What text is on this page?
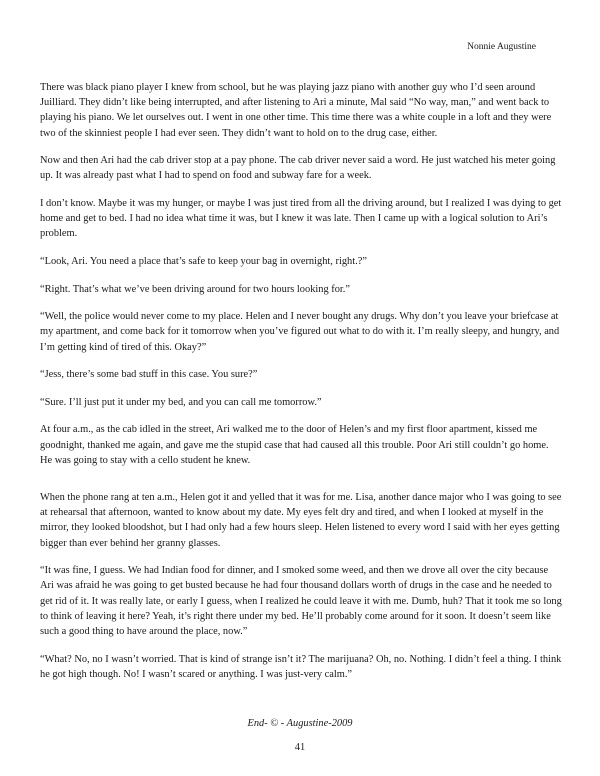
Nonnie Augustine

There was black piano player I knew from school, but he was playing jazz piano with another guy who I’d seen around Juilliard. They didn’t like being interrupted, and after listening to Ari a minute, Mal said “No way, man,” and went back to playing his piano. We let ourselves out. I went in one other time. This time there was a white couple in a loft and they were two of the skinniest people I had ever seen. They didn’t want to hold on to the drug case, either.

Now and then Ari had the cab driver stop at a pay phone. The cab driver never said a word. He just watched his meter going up. It was already past what I had to spend on food and subway fare for a week.

I don’t know. Maybe it was my hunger, or maybe I was just tired from all the driving around, but I realized I was dying to get home and get to bed. I had no idea what time it was, but I knew it was late. Then I came up with a logical solution to Ari’s problem.

“Look, Ari. You need a place that’s safe to keep your bag in overnight, right.?”

“Right. That’s what we’ve been driving around for two hours looking for.”

“Well, the police would never come to my place. Helen and I never bought any drugs. Why don’t you leave your briefcase at my apartment, and come back for it tomorrow when you’ve figured out what to do with it. I’m really sleepy, and hungry, and I’m getting kind of tired of this. Okay?”

“Jess, there’s some bad stuff in this case. You sure?”

“Sure. I’ll just put it under my bed, and you can call me tomorrow.”

At four a.m., as the cab idled in the street, Ari walked me to the door of Helen’s and my first floor apartment, kissed me goodnight, thanked me again, and gave me the stupid case that had caused all this trouble. Poor Ari still couldn’t go home. He was going to stay with a cello student he knew.

When the phone rang at ten a.m., Helen got it and yelled that it was for me. Lisa, another dance major who I was going to see at rehearsal that afternoon, wanted to know about my date. My eyes felt dry and tired, and when I looked at myself in the mirror, they looked bloodshot, but I had only had a few hours sleep. Helen listened to every word I said with her eyes getting bigger than ever behind her granny glasses.

“It was fine, I guess. We had Indian food for dinner, and I smoked some weed, and then we drove all over the city because Ari was afraid he was going to get busted because he had four thousand dollars worth of drugs in the case and he needed to get rid of it. It was really late, or early I guess, when I realized he could leave it with me. Dumb, huh? That it took me so long to think of leaving it here? Yeah, it’s right there under my bed. He’ll probably come around for it soon. It doesn’t seem like such a good thing to have around the place, now.”

“What? No, no I wasn’t worried. That is kind of strange isn’t it? The marijuana? Oh, no. Nothing. I didn’t feel a thing. I think he got high though. No! I wasn’t scared or anything. I was just-very calm.”

End- © - Augustine-2009
41
